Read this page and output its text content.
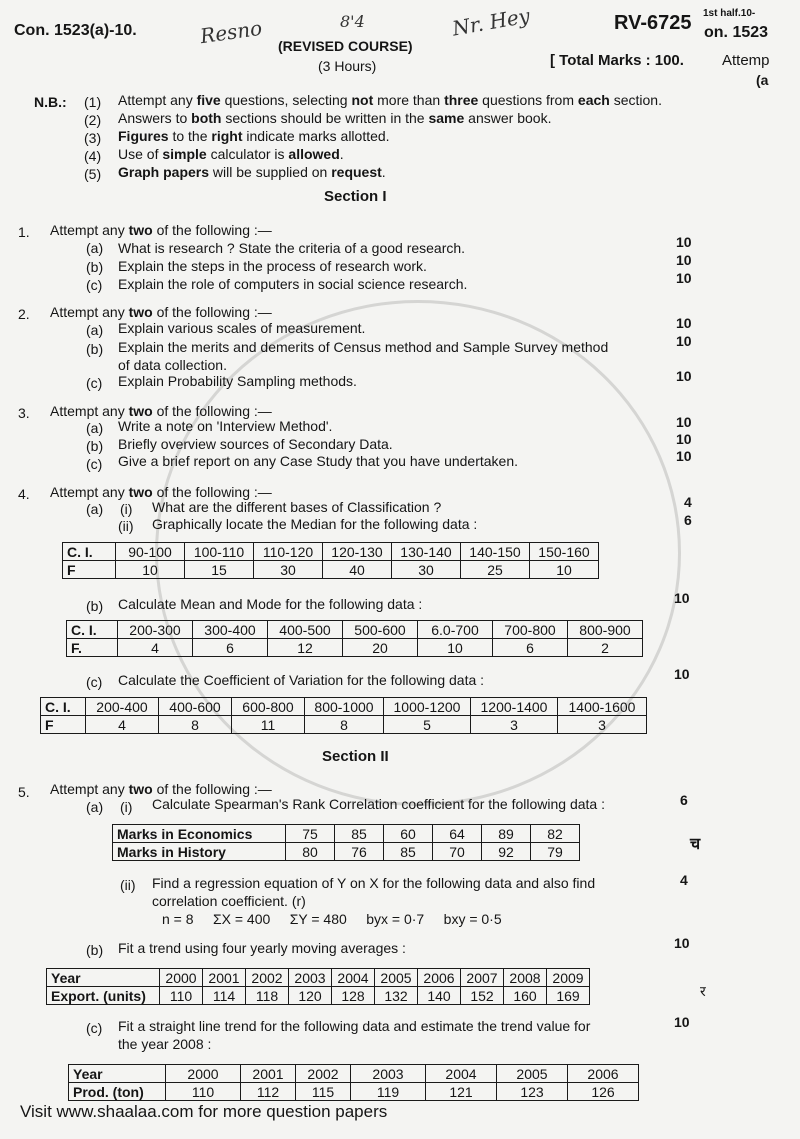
Con. 1523(a)-10.	Resno	8'4	Nr. Hey
(REVISED COURSE)
(3 Hours)
RV-6725 1st half.10-
on. 1523
[ Total Marks : 100.	Attemp
(a
N.B.: (1) Attempt any five questions, selecting not more than three questions from each section.
(2) Answers to both sections should be written in the same answer book.
(3) Figures to the right indicate marks allotted.
(4) Use of simple calculator is allowed.
(5) Graph papers will be supplied on request.
Section I
1. Attempt any two of the following :—
(a) What is research ? State the criteria of a good research.
(b) Explain the steps in the process of research work.
(c) Explain the role of computers in social science research.
10
10
10
2. Attempt any two of the following :—
(a) Explain various scales of measurement.
(b) Explain the merits and demerits of Census method and Sample Survey method
of data collection.
(c) Explain Probability Sampling methods.
10
10
10
3. Attempt any two of the following :—
(a) Write a note on 'Interview Method'.
(b) Briefly overview sources of Secondary Data.
(c) Give a brief report on any Case Study that you have undertaken.
10
10
10
4. Attempt any two of the following :—
(a) (i) What are the different bases of Classification ?
(ii) Graphically locate the Median for the following data :
4
6
C. I.	90-100	100-110	110-120	120-130	130-140	140-150	150-160
F	10	15	30	40	30	25	10
(b) Calculate Mean and Mode for the following data :	10
C. I.	200-300	300-400	400-500	500-600	6.0-700	700-800	800-900
F.	4	6	12	20	10	6	2
(c) Calculate the Coefficient of Variation for the following data :	10
C. I.	200-400	400-600	600-800	800-1000	1000-1200	1200-1400	1400-1600
F	4	8	11	8	5	3	3
Section II
5. Attempt any two of the following :—
(a) (i) Calculate Spearman's Rank Correlation coefficient for the following data :	6
Marks in Economics	75	85	60	64	89	82
Marks in History	80	76	85	70	92	79
(ii) Find a regression equation of Y on X for the following data and also find
correlation coefficient. (r)
n = 8     ΣX = 400     ΣY = 480     byx = 0·7     bxy = 0·5
4
(b) Fit a trend using four yearly moving averages :	10
Year	2000	2001	2002	2003	2004	2005	2006	2007	2008	2009
Export. (units)	110	114	118	120	128	132	140	152	160	169
(c) Fit a straight line trend for the following data and estimate the trend value for
the year 2008 :
10
Year	2000	2001	2002	2003	2004	2005	2006
Prod. (ton)	110	112	115	119	121	123	126
च
र
Visit www.shaalaa.com for more question papers
